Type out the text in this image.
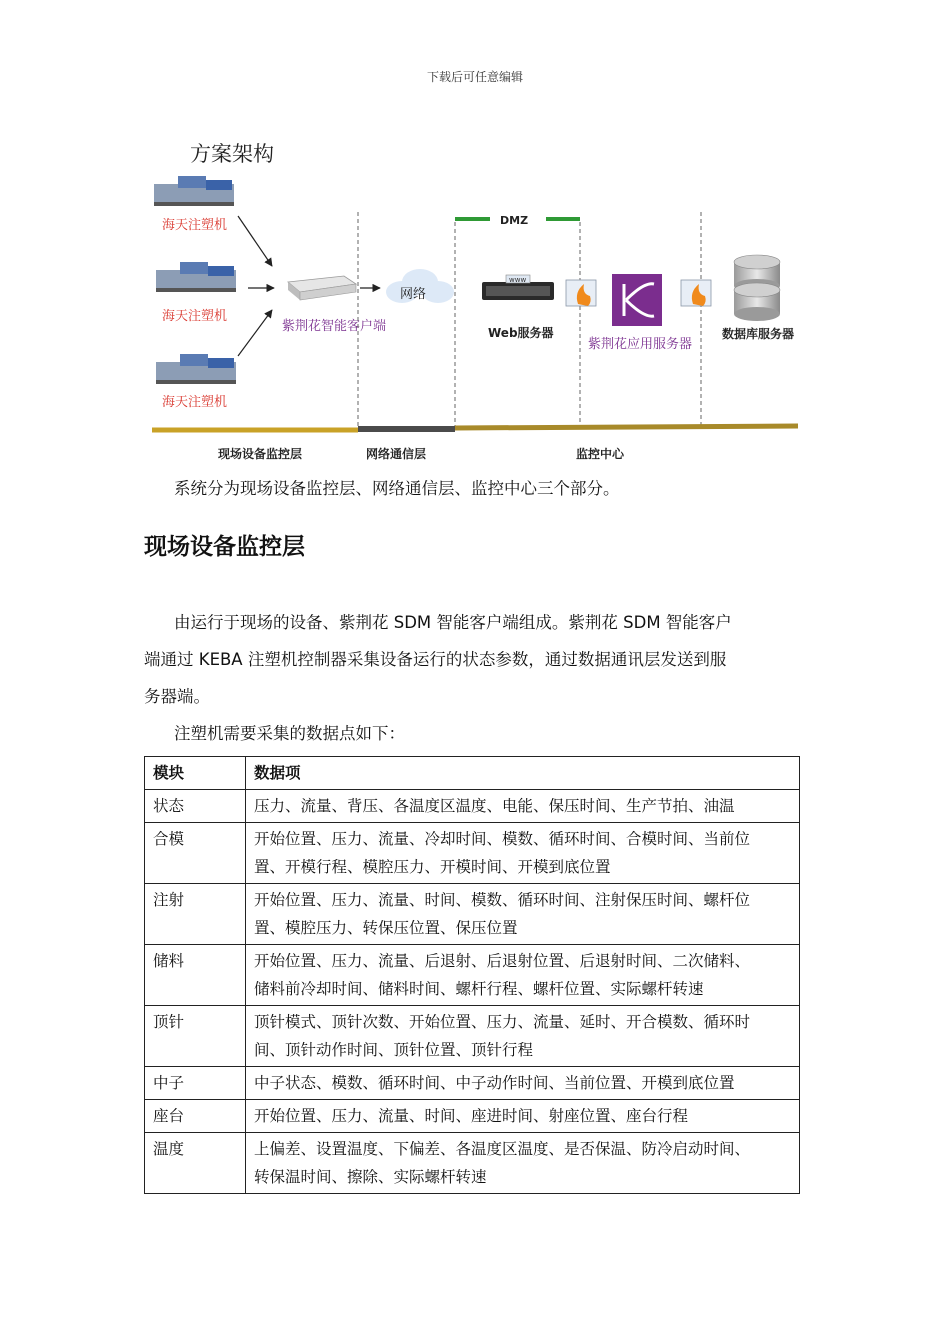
下载后可任意编辑
方案架构
海天注塑机
海天注塑机
海天注塑机
紫荆花智能客户端
网络
DMZ
www
Web服务器
紫荆花应用服务器
数据库服务器
现场设备监控层	网络通信层	监控中心
系统分为现场设备监控层、网络通信层、监控中心三个部分。
现场设备监控层
由运行于现场的设备、紫荆花 SDM 智能客户端组成。紫荆花 SDM 智能客户
端通过 KEBA 注塑机控制器采集设备运行的状态参数，通过数据通讯层发送到服
务器端。
注塑机需要采集的数据点如下：
模块	数据项
状态	压力、流量、背压、各温度区温度、电能、保压时间、生产节拍、油温

合模	开始位置、压力、流量、冷却时间、模数、循环时间、合模时间、当前位
置、开模行程、模腔压力、开模时间、开模到底位置

注射	开始位置、压力、流量、时间、模数、循环时间、注射保压时间、螺杆位
置、模腔压力、转保压位置、保压位置

储料	开始位置、压力、流量、后退射、后退射位置、后退射时间、二次储料、
储料前冷却时间、储料时间、螺杆行程、螺杆位置、实际螺杆转速

顶针	顶针模式、顶针次数、开始位置、压力、流量、延时、开合模数、循环时
间、顶针动作时间、顶针位置、顶针行程

中子	中子状态、模数、循环时间、中子动作时间、当前位置、开模到底位置

座台	开始位置、压力、流量、时间、座进时间、射座位置、座台行程

温度	上偏差、设置温度、下偏差、各温度区温度、是否保温、防冷启动时间、
转保温时间、擦除、实际螺杆转速
